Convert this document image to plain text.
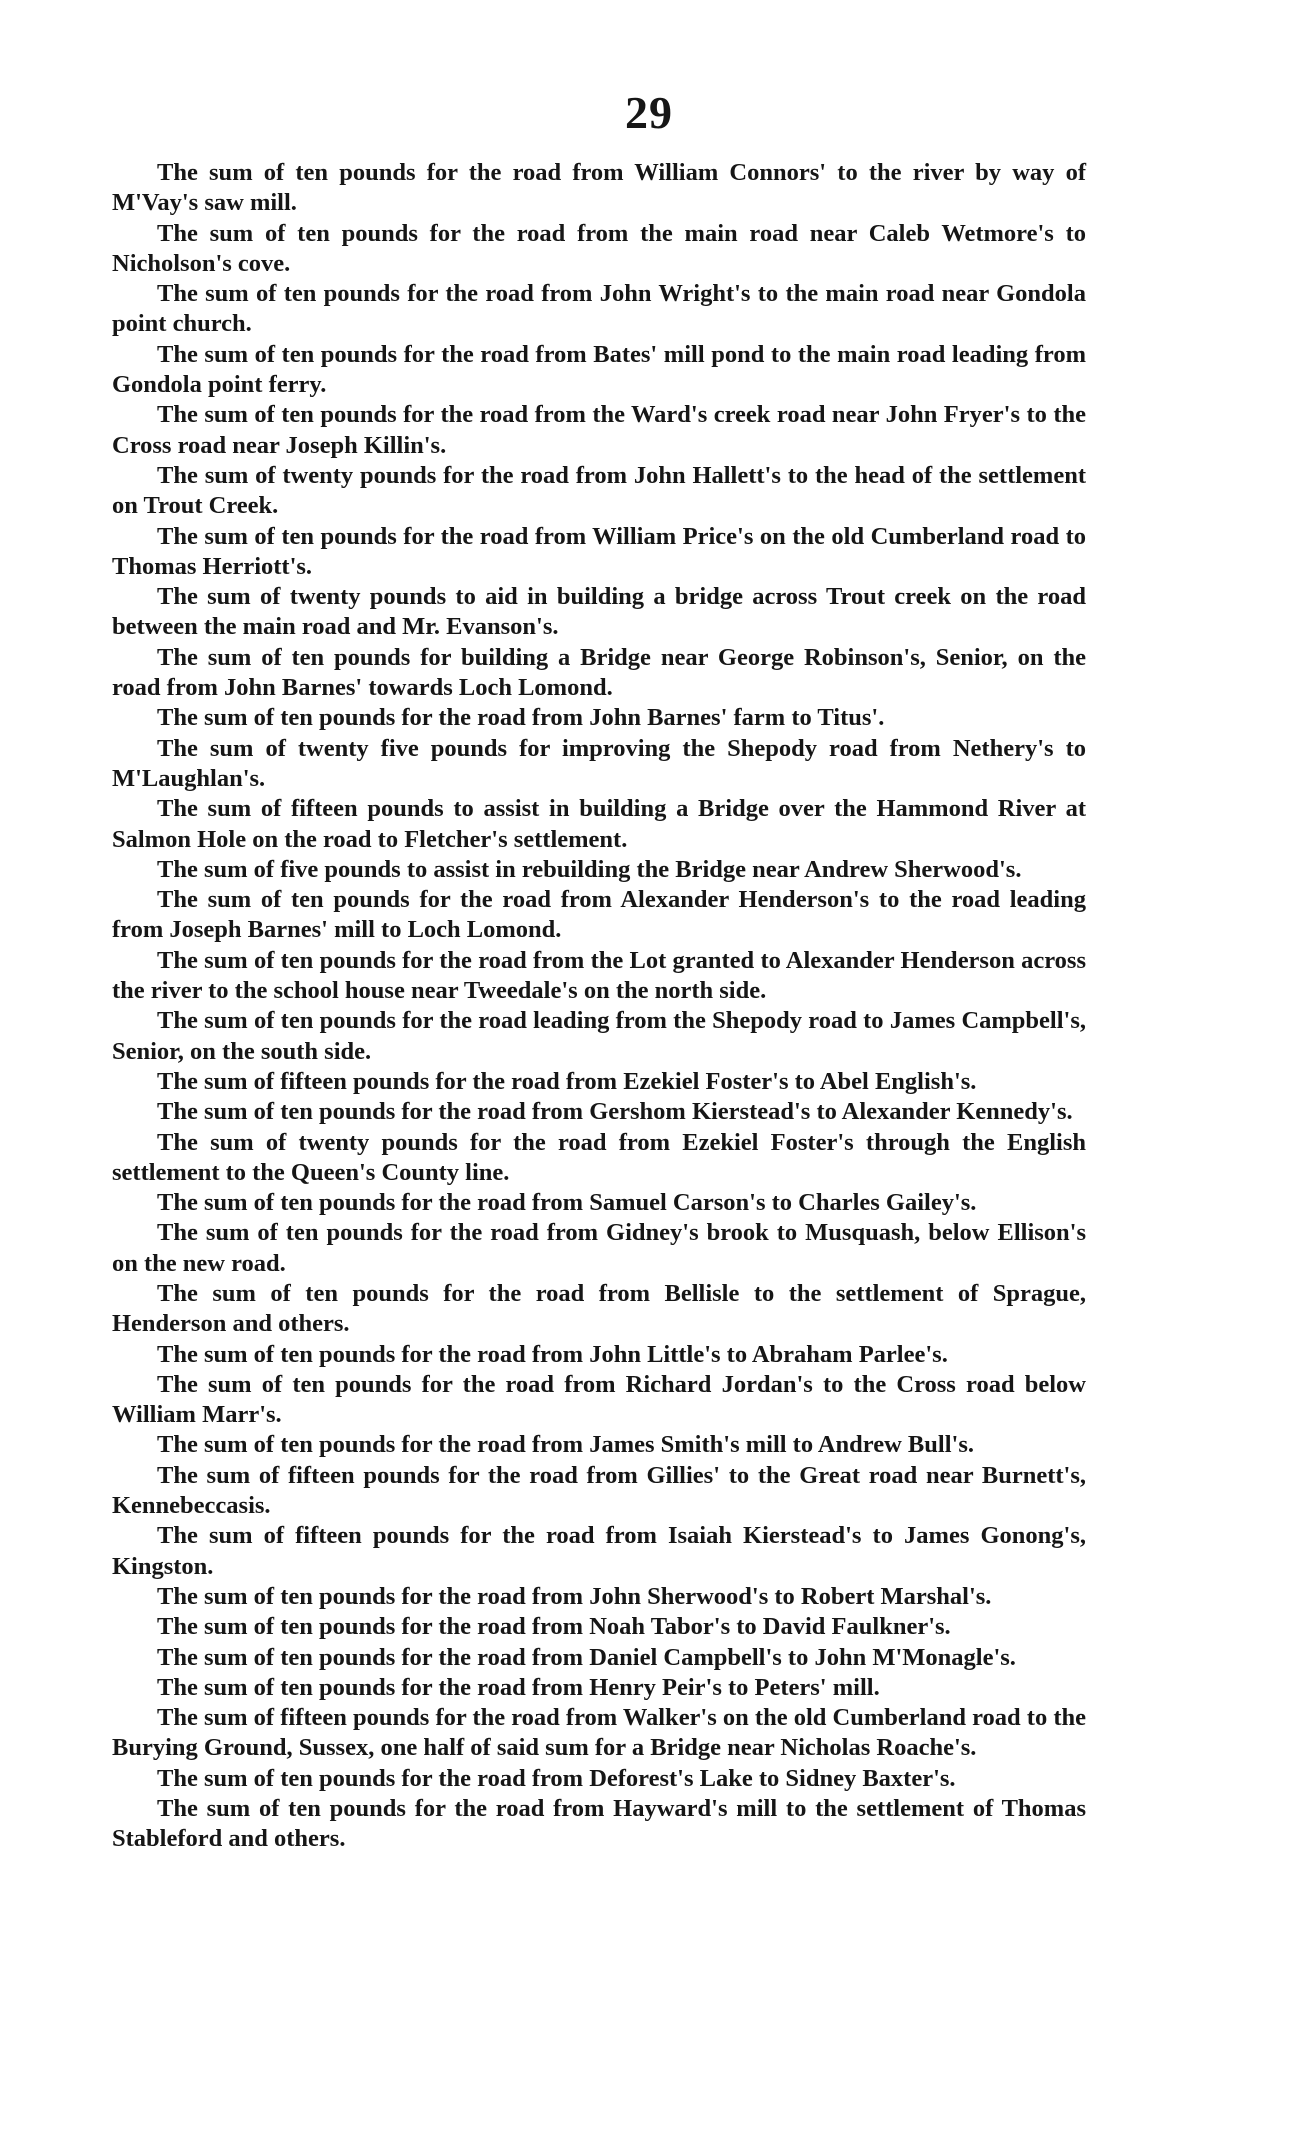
29

The sum of ten pounds for the road from William Connors' to the river by way of M'Vay's saw mill.

The sum of ten pounds for the road from the main road near Caleb Wetmore's to Nicholson's cove.

The sum of ten pounds for the road from John Wright's to the main road near Gondola point church.

The sum of ten pounds for the road from Bates' mill pond to the main road leading from Gondola point ferry.

The sum of ten pounds for the road from the Ward's creek road near John Fryer's to the Cross road near Joseph Killin's.

The sum of twenty pounds for the road from John Hallett's to the head of the settlement on Trout Creek.

The sum of ten pounds for the road from William Price's on the old Cumberland road to Thomas Herriott's.

The sum of twenty pounds to aid in building a bridge across Trout creek on the road between the main road and Mr. Evanson's.

The sum of ten pounds for building a Bridge near George Robinson's, Senior, on the road from John Barnes' towards Loch Lomond.

The sum of ten pounds for the road from John Barnes' farm to Titus'.

The sum of twenty five pounds for improving the Shepody road from Nethery's to M'Laughlan's.

The sum of fifteen pounds to assist in building a Bridge over the Hammond River at Salmon Hole on the road to Fletcher's settlement.

The sum of five pounds to assist in rebuilding the Bridge near Andrew Sherwood's.

The sum of ten pounds for the road from Alexander Henderson's to the road leading from Joseph Barnes' mill to Loch Lomond.

The sum of ten pounds for the road from the Lot granted to Alexander Henderson across the river to the school house near Tweedale's on the north side.

The sum of ten pounds for the road leading from the Shepody road to James Campbell's, Senior, on the south side.

The sum of fifteen pounds for the road from Ezekiel Foster's to Abel English's.

The sum of ten pounds for the road from Gershom Kierstead's to Alexander Kennedy's.

The sum of twenty pounds for the road from Ezekiel Foster's through the English settlement to the Queen's County line.

The sum of ten pounds for the road from Samuel Carson's to Charles Gailey's.

The sum of ten pounds for the road from Gidney's brook to Musquash, below Ellison's on the new road.

The sum of ten pounds for the road from Bellisle to the settlement of Sprague, Henderson and others.

The sum of ten pounds for the road from John Little's to Abraham Parlee's.

The sum of ten pounds for the road from Richard Jordan's to the Cross road below William Marr's.

The sum of ten pounds for the road from James Smith's mill to Andrew Bull's.

The sum of fifteen pounds for the road from Gillies' to the Great road near Burnett's, Kennebeccasis.

The sum of fifteen pounds for the road from Isaiah Kierstead's to James Gonong's, Kingston.

The sum of ten pounds for the road from John Sherwood's to Robert Marshal's.

The sum of ten pounds for the road from Noah Tabor's to David Faulkner's.

The sum of ten pounds for the road from Daniel Campbell's to John M'Monagle's.

The sum of ten pounds for the road from Henry Peir's to Peters' mill.

The sum of fifteen pounds for the road from Walker's on the old Cumberland road to the Burying Ground, Sussex, one half of said sum for a Bridge near Nicholas Roache's.

The sum of ten pounds for the road from Deforest's Lake to Sidney Baxter's.

The sum of ten pounds for the road from Hayward's mill to the settlement of Thomas Stableford and others.
